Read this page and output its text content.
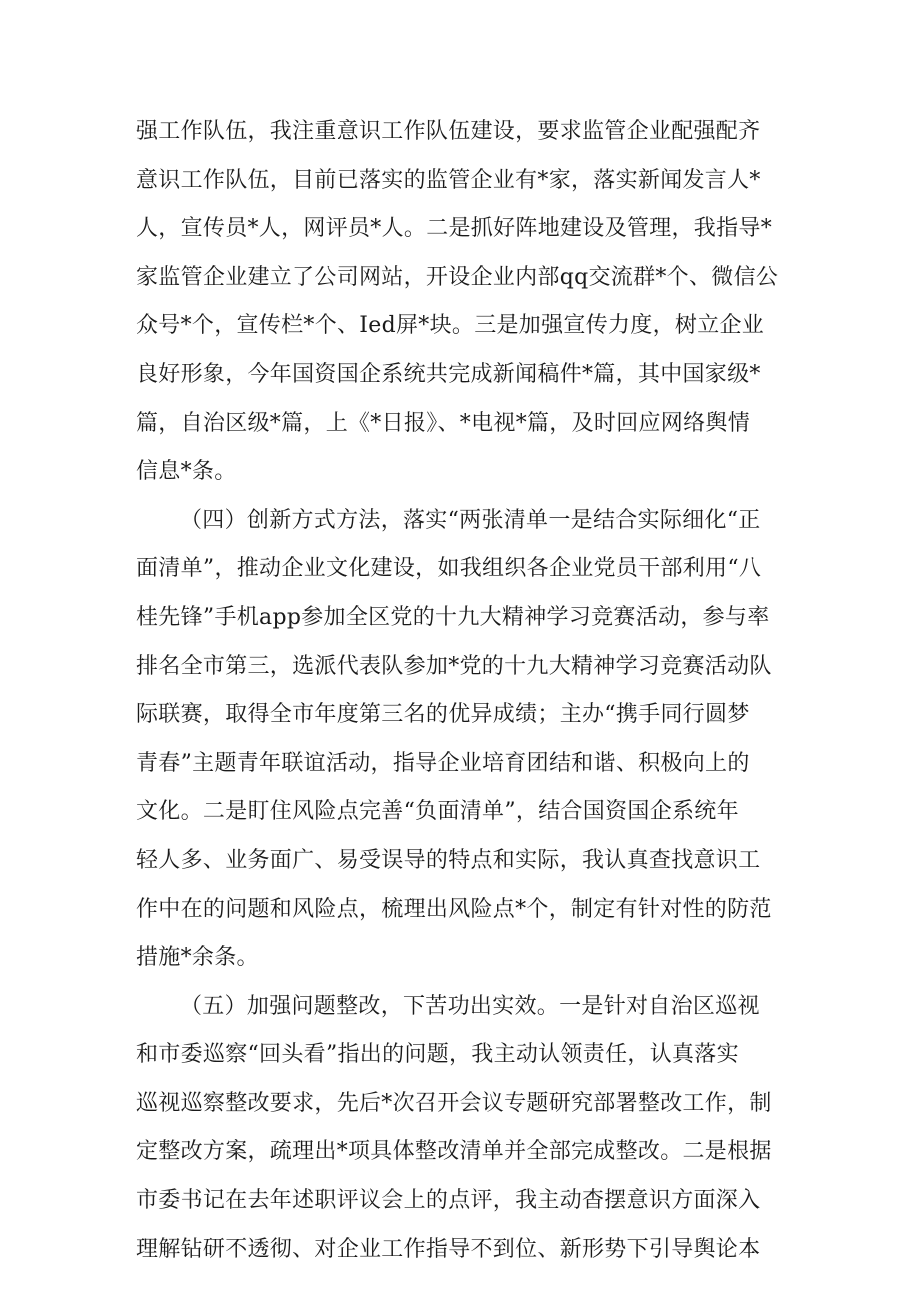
强工作队伍，我注重意识工作队伍建设，要求监管企业配强配齐
意识工作队伍，目前已落实的监管企业有*家，落实新闻发言人*
人，宣传员*人，网评员*人。二是抓好阵地建设及管理，我指导*
家监管企业建立了公司网站，开设企业内部qq交流群*个、微信公
众号*个，宣传栏*个、Ied屏*块。三是加强宣传力度，树立企业
良好形象，今年国资国企系统共完成新闻稿件*篇，其中国家级*
篇，自治区级*篇，上《*日报》、*电视*篇，及时回应网络舆情
信息*条。
（四）创新方式方法，落实“两张清单一是结合实际细化“正
面清单”，推动企业文化建设，如我组织各企业党员干部利用“八
桂先锋”手机app参加全区党的十九大精神学习竞赛活动，参与率
排名全市第三，选派代表队参加*党的十九大精神学习竞赛活动队
际联赛，取得全市年度第三名的优异成绩；主办“携手同行圆梦
青春”主题青年联谊活动，指导企业培育团结和谐、积极向上的
文化。二是盯住风险点完善“负面清单”，结合国资国企系统年
轻人多、业务面广、易受误导的特点和实际，我认真查找意识工
作中在的问题和风险点，梳理出风险点*个，制定有针对性的防范
措施*余条。
（五）加强问题整改，下苦功出实效。一是针对自治区巡视
和市委巡察“回头看”指出的问题，我主动认领责任，认真落实
巡视巡察整改要求，先后*次召开会议专题研究部署整改工作，制
定整改方案，疏理出*项具体整改清单并全部完成整改。二是根据
市委书记在去年述职评议会上的点评，我主动杳摆意识方面深入
理解钻研不透彻、对企业工作指导不到位、新形势下引导舆论本
